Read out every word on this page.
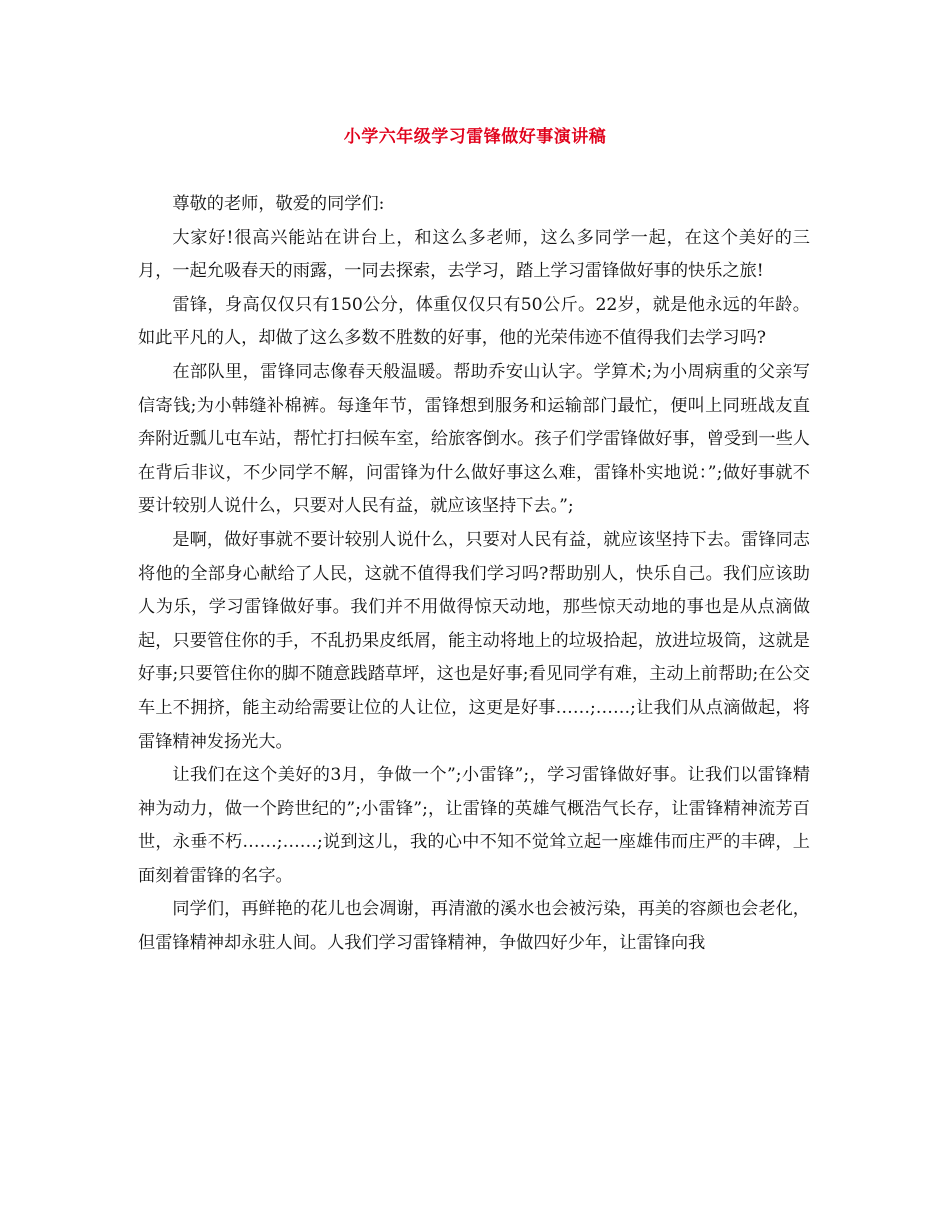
小学六年级学习雷锋做好事演讲稿

尊敬的老师，敬爱的同学们:

大家好!很高兴能站在讲台上，和这么多老师，这么多同学一起，在这个美好的三月，一起允吸春天的雨露，一同去探索，去学习，踏上学习雷锋做好事的快乐之旅!

雷锋，身高仅仅只有150公分，体重仅仅只有50公斤。22岁，就是他永远的年龄。如此平凡的人，却做了这么多数不胜数的好事，他的光荣伟迹不值得我们去学习吗?

在部队里，雷锋同志像春天般温暖。帮助乔安山认字。学算术;为小周病重的父亲写信寄钱;为小韩缝补棉裤。每逢年节，雷锋想到服务和运输部门最忙，便叫上同班战友直奔附近瓢儿屯车站，帮忙打扫候车室，给旅客倒水。孩子们学雷锋做好事，曾受到一些人在背后非议，不少同学不解，问雷锋为什么做好事这么难，雷锋朴实地说：”;做好事就不要计较别人说什么，只要对人民有益，就应该坚持下去。”;

是啊，做好事就不要计较别人说什么，只要对人民有益，就应该坚持下去。雷锋同志将他的全部身心献给了人民，这就不值得我们学习吗?帮助别人，快乐自己。我们应该助人为乐，学习雷锋做好事。我们并不用做得惊天动地，那些惊天动地的事也是从点滴做起，只要管住你的手，不乱扔果皮纸屑，能主动将地上的垃圾拾起，放进垃圾筒，这就是好事;只要管住你的脚不随意践踏草坪，这也是好事;看见同学有难，主动上前帮助;在公交车上不拥挤，能主动给需要让位的人让位，这更是好事……;……;让我们从点滴做起，将雷锋精神发扬光大。

让我们在这个美好的3月，争做一个”;小雷锋”;，学习雷锋做好事。让我们以雷锋精神为动力，做一个跨世纪的”;小雷锋”;，让雷锋的英雄气概浩气长存，让雷锋精神流芳百世，永垂不朽……;……;说到这儿，我的心中不知不觉耸立起一座雄伟而庄严的丰碑，上面刻着雷锋的名字。

同学们，再鲜艳的花儿也会凋谢，再清澈的溪水也会被污染，再美的容颜也会老化，但雷锋精神却永驻人间。人我们学习雷锋精神，争做四好少年，让雷锋向我
